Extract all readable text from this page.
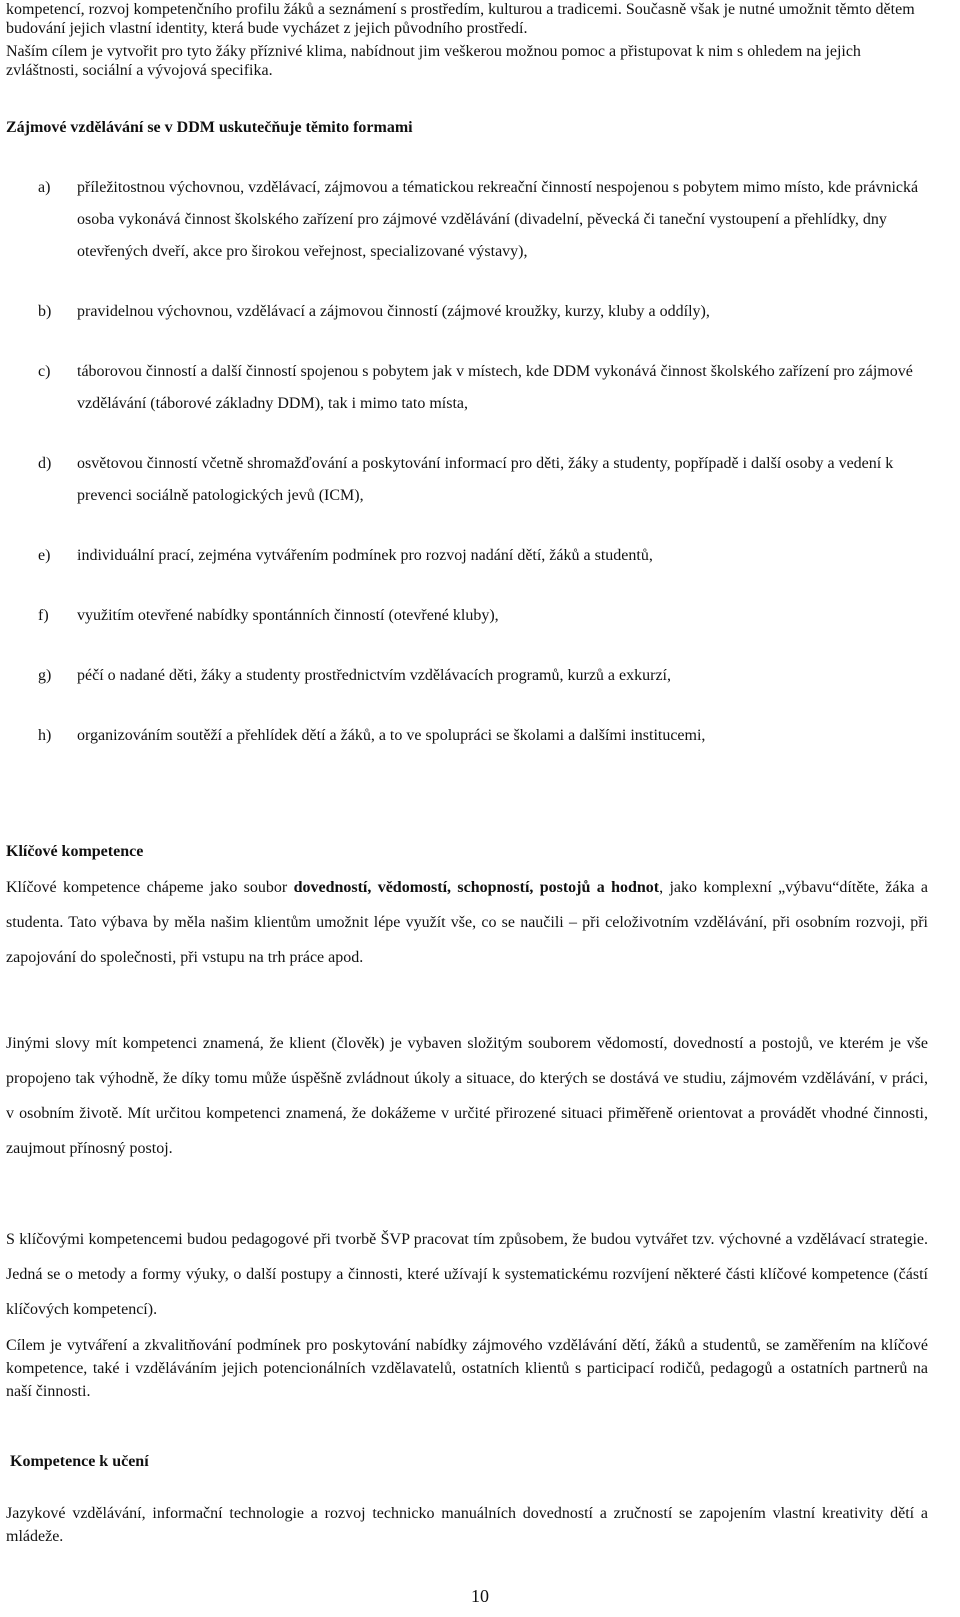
kompetencí, rozvoj kompetenčního profilu žáků a seznámení s prostředím, kulturou a tradicemi. Současně však je nutné umožnit těmto dětem budování jejich vlastní identity, která bude vycházet z jejich původního prostředí.
Naším cílem je vytvořit pro tyto žáky příznivé klima, nabídnout jim veškerou možnou pomoc a přistupovat k nim s ohledem na jejich zvláštnosti, sociální a vývojová specifika.
Zájmové vzdělávání se v DDM uskutečňuje těmito formami
a) příležitostnou výchovnou, vzdělávací, zájmovou a tématickou rekreační činností nespojenou s pobytem mimo místo, kde právnická osoba vykonává činnost školského zařízení pro zájmové vzdělávání (divadelní, pěvecká či taneční vystoupení a přehlídky, dny otevřených dveří, akce pro širokou veřejnost, specializované výstavy),
b) pravidelnou výchovnou, vzdělávací a zájmovou činností (zájmové kroužky, kurzy, kluby a oddíly),
c) táborovou činností a další činností spojenou s pobytem jak v místech, kde DDM vykonává činnost školského zařízení pro zájmové vzdělávání (táborové základny DDM), tak i mimo tato místa,
d) osvětovou činností včetně shromažďování a poskytování informací pro děti, žáky a studenty, popřípadě i další osoby a vedení k prevenci sociálně patologických jevů (ICM),
e) individuální prací, zejména vytvářením podmínek pro rozvoj nadání dětí, žáků a studentů,
f) využitím otevřené nabídky spontánních činností (otevřené kluby),
g) péčí o nadané děti, žáky a studenty prostřednictvím vzdělávacích programů, kurzů a exkurzí,
h) organizováním soutěží a přehlídek dětí a žáků, a to ve spolupráci se školami a dalšími institucemi,
Klíčové kompetence
Klíčové kompetence chápeme jako soubor dovedností, vědomostí, schopností, postojů a hodnot, jako komplexní „výbavu“dítěte, žáka a studenta. Tato výbava by měla našim klientům umožnit lépe využít vše, co se naučili – při celoživotním vzdělávání, při osobním rozvoji, při zapojování do společnosti, při vstupu na trh práce apod.
Jinými slovy mít kompetenci znamená, že klient (člověk) je vybaven složitým souborem vědomostí, dovedností a postojů, ve kterém je vše propojeno tak výhodně, že díky tomu může úspěšně zvládnout úkoly a situace, do kterých se dostává ve studiu, zájmovém vzdělávání, v práci, v osobním životě. Mít určitou kompetenci znamená, že dokážeme v určité přirozené situaci přiměřeně orientovat a provádět vhodné činnosti, zaujmout přínosný postoj.
S klíčovými kompetencemi budou pedagogové při tvorbě ŠVP pracovat tím způsobem, že budou vytvářet tzv. výchovné a vzdělávací strategie. Jedná se o metody a formy výuky, o další postupy a činnosti, které užívají k systematickému rozvíjení některé části klíčové kompetence (částí klíčových kompetencí).
Cílem je vytváření a zkvalitňování podmínek pro poskytování nabídky zájmového vzdělávání dětí, žáků a studentů, se zaměřením na klíčové kompetence, také i vzděláváním jejich potencionálních vzdělavatelů, ostatních klientů s participací rodičů, pedagogů a ostatních partnerů na naší činnosti.
Kompetence k učení
Jazykové vzdělávání, informační technologie a rozvoj technicko manuálních dovedností a zručností se zapojením vlastní kreativity dětí a mládeže.
10
